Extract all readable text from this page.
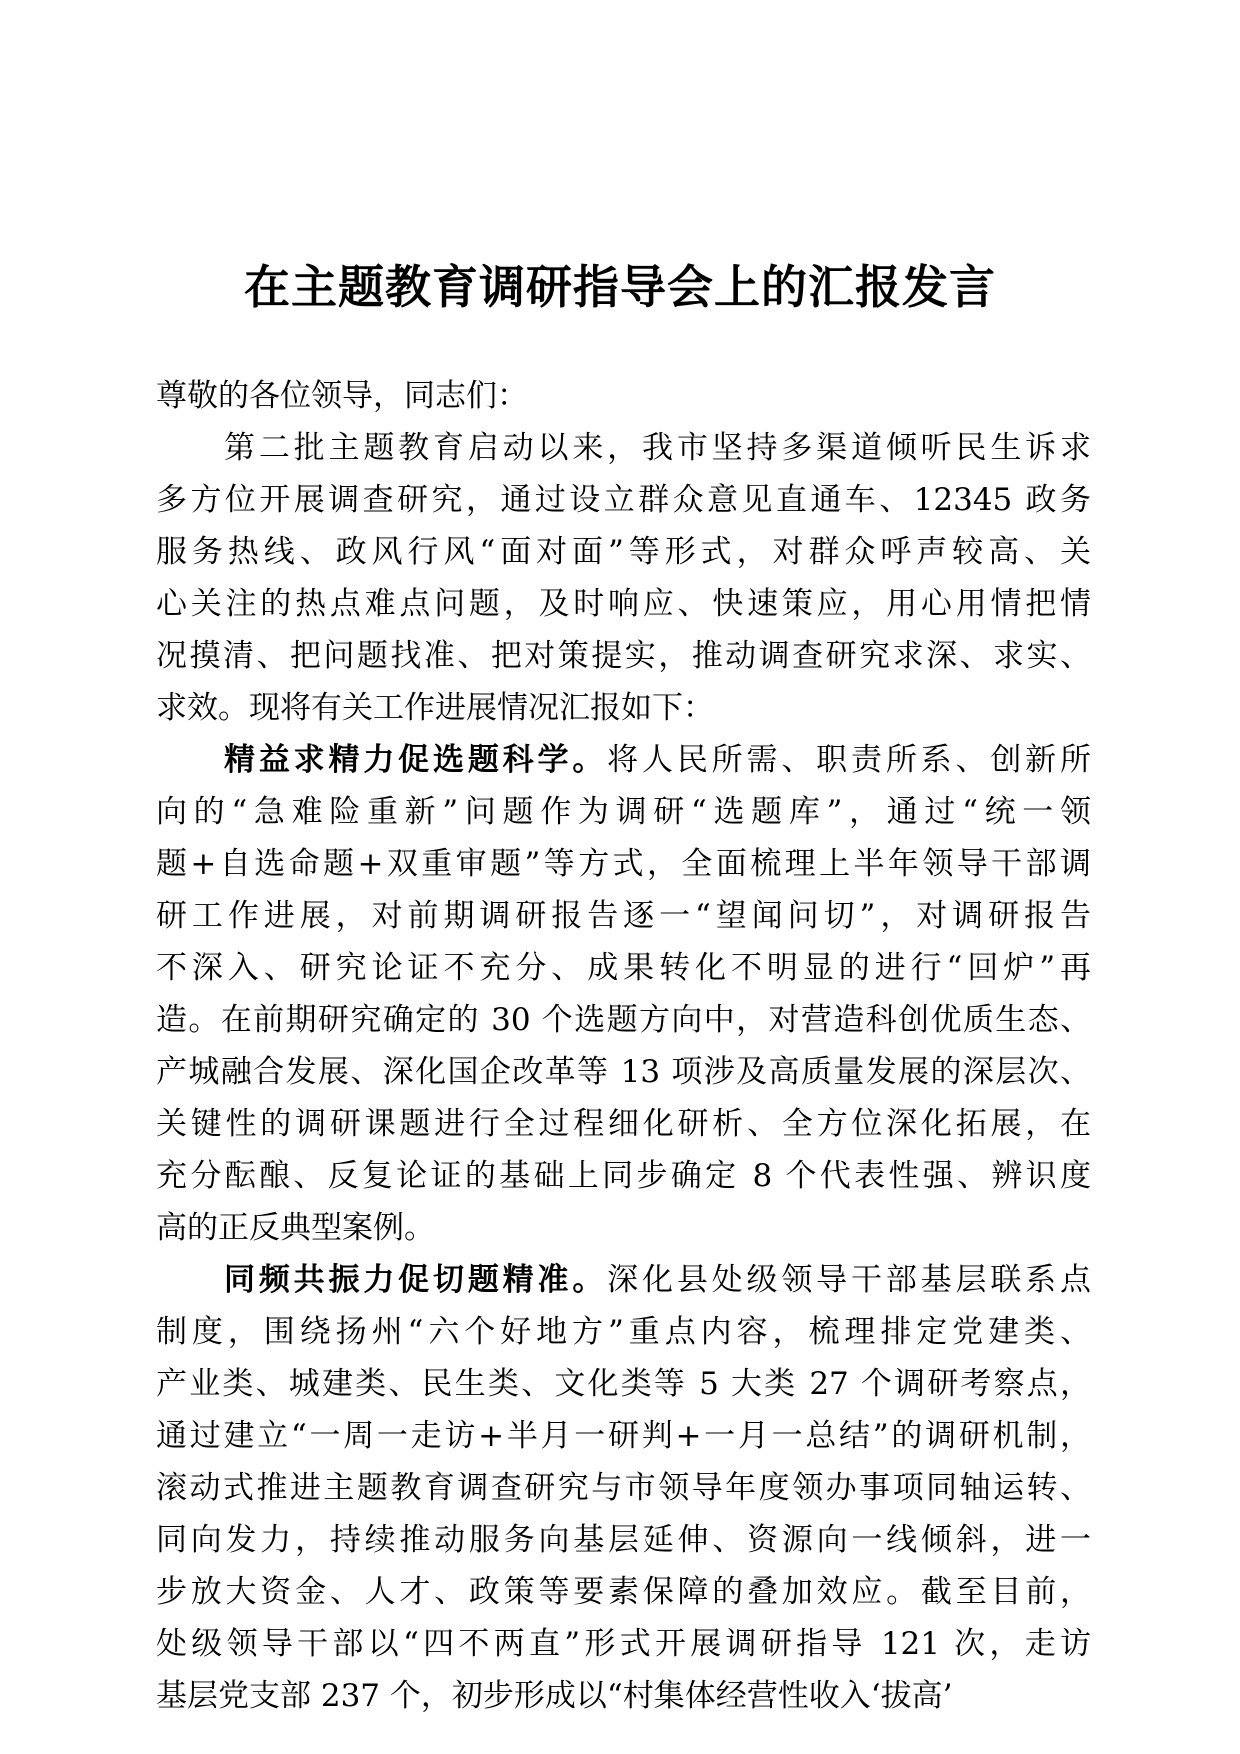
在主题教育调研指导会上的汇报发言
尊敬的各位领导，同志们：
第二批主题教育启动以来，我市坚持多渠道倾听民生诉求
多方位开展调查研究，通过设立群众意见直通车、12345 政务
服务热线、政风行风“面对面”等形式，对群众呼声较高、关
心关注的热点难点问题，及时响应、快速策应，用心用情把情
况摸清、把问题找准、把对策提实，推动调查研究求深、求实、
求效。现将有关工作进展情况汇报如下：
精益求精力促选题科学。将人民所需、职责所系、创新所
向的“急难险重新”问题作为调研“选题库”，通过“统一领
题+自选命题+双重审题”等方式，全面梳理上半年领导干部调
研工作进展，对前期调研报告逐一“望闻问切”，对调研报告
不深入、研究论证不充分、成果转化不明显的进行“回炉”再
造。在前期研究确定的 30 个选题方向中，对营造科创优质生态、
产城融合发展、深化国企改革等 13 项涉及高质量发展的深层次、
关键性的调研课题进行全过程细化研析、全方位深化拓展，在
充分酝酿、反复论证的基础上同步确定 8 个代表性强、辨识度
高的正反典型案例。
同频共振力促切题精准。深化县处级领导干部基层联系点
制度，围绕扬州“六个好地方”重点内容，梳理排定党建类、
产业类、城建类、民生类、文化类等 5 大类 27 个调研考察点，
通过建立“一周一走访+半月一研判+一月一总结”的调研机制，
滚动式推进主题教育调查研究与市领导年度领办事项同轴运转、
同向发力，持续推动服务向基层延伸、资源向一线倾斜，进一
步放大资金、人才、政策等要素保障的叠加效应。截至目前，
处级领导干部以“四不两直”形式开展调研指导 121 次，走访
基层党支部 237 个，初步形成以“村集体经营性收入‘拔高’
